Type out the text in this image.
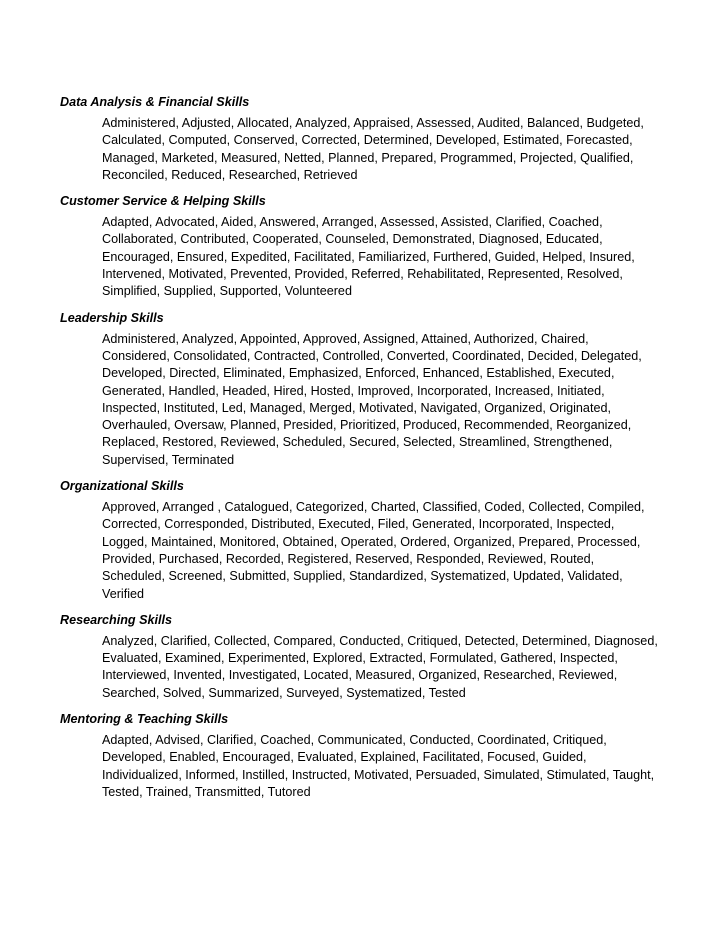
Data Analysis & Financial Skills
Administered, Adjusted, Allocated, Analyzed, Appraised, Assessed, Audited, Balanced, Budgeted,
Calculated, Computed, Conserved, Corrected, Determined, Developed, Estimated, Forecasted,
Managed, Marketed, Measured, Netted, Planned, Prepared, Programmed, Projected, Qualified,
Reconciled, Reduced, Researched, Retrieved
Customer Service & Helping Skills
Adapted, Advocated, Aided, Answered, Arranged, Assessed, Assisted, Clarified, Coached,
Collaborated, Contributed, Cooperated, Counseled, Demonstrated, Diagnosed, Educated,
Encouraged, Ensured, Expedited, Facilitated, Familiarized, Furthered, Guided, Helped, Insured,
Intervened, Motivated, Prevented, Provided, Referred, Rehabilitated, Represented, Resolved,
Simplified, Supplied, Supported, Volunteered
Leadership Skills
Administered, Analyzed, Appointed, Approved, Assigned, Attained, Authorized, Chaired,
Considered, Consolidated, Contracted, Controlled, Converted, Coordinated, Decided, Delegated,
Developed, Directed, Eliminated, Emphasized, Enforced, Enhanced, Established, Executed,
Generated, Handled, Headed, Hired, Hosted, Improved, Incorporated, Increased, Initiated,
Inspected, Instituted, Led, Managed, Merged, Motivated, Navigated, Organized, Originated,
Overhauled, Oversaw, Planned, Presided, Prioritized, Produced, Recommended, Reorganized,
Replaced, Restored, Reviewed, Scheduled, Secured, Selected, Streamlined, Strengthened,
Supervised, Terminated
Organizational Skills
Approved, Arranged , Catalogued, Categorized, Charted, Classified, Coded, Collected, Compiled,
Corrected, Corresponded, Distributed, Executed, Filed, Generated, Incorporated, Inspected,
Logged, Maintained, Monitored, Obtained, Operated, Ordered, Organized, Prepared, Processed,
Provided, Purchased, Recorded, Registered, Reserved, Responded, Reviewed, Routed,
Scheduled, Screened, Submitted, Supplied, Standardized, Systematized, Updated, Validated,
Verified
Researching Skills
Analyzed, Clarified, Collected, Compared, Conducted, Critiqued, Detected, Determined, Diagnosed,
Evaluated, Examined, Experimented, Explored, Extracted, Formulated, Gathered, Inspected,
Interviewed, Invented, Investigated, Located, Measured, Organized, Researched, Reviewed,
Searched, Solved, Summarized, Surveyed, Systematized, Tested
Mentoring & Teaching Skills
Adapted, Advised, Clarified, Coached, Communicated, Conducted, Coordinated, Critiqued,
Developed, Enabled, Encouraged, Evaluated, Explained, Facilitated, Focused, Guided,
Individualized, Informed, Instilled, Instructed, Motivated, Persuaded, Simulated, Stimulated, Taught,
Tested, Trained, Transmitted, Tutored
